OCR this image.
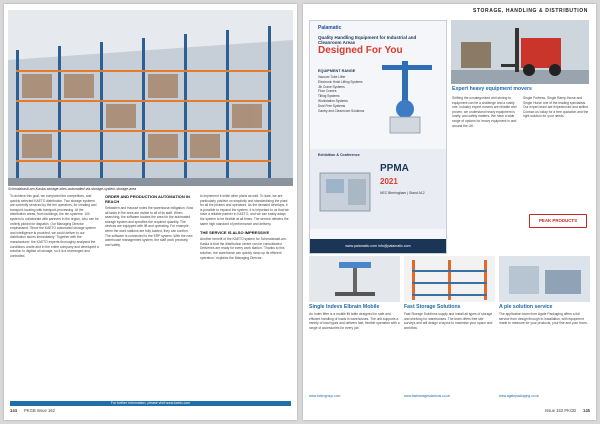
Schmalzkastl-am-Kaska-storage-sites-automated-via-storage-system-storage-area
To achieve this goal, we compared the competitors, and quickly selected KAETO distribution. Two storage systems are currently serviced by the ten operators, for creating and transport-locating with transport-processing. At the distribution areas, from buildings, the ten systems: 100 system to collaborate with partners in the region, who can be orderly picked for dispatch. Our Managing Director emphasised: 'Since the KAETO automated storage system and intelligence is provided, we could deliver to our distribution stores immediately.' Together with the manufacturer, the KAETO experts thoroughly analysed the conditions onsite and in the entire company and developed a solution to digitise all storage, so it is a rearranged and controlled.
ORDER AND PRODUCTION AUTOMATION IN REACH
Sebastien and Hausse notes the warehouse mitigation. Now all tasks in the area are visible to all of its staff. When searching, the software locates the area for the automated storage system and specifies the required quantity. The devices are equipped with lift and operating. For example, when the work stations are fully loaded, they can confirm. The software is connected to the ERP system. With the new warehouse management system, the staff work precisely and safely.
to implement it while other plans as well. To date, we are particularly positive on simplicity and standardising the plant for all the pickers and operators. As the demand develops, it is possible to expand the system. It is important to us that we have a reliable partner in KAETO, and we can easily adapt the system to be flexible at all times. The service delivers the same high standard of performance and delivery.
THE SERVICE IS ALSO IMPRESSIVE
Another benefit of the KAETO system for Schmalzkastl-am-Kaska is that the distribution centre can be consolidated. Deliveries are ready for every work station. 'Thanks to this solution, the warehouse can quickly ramp up its efficient operation,' explains the Managing Director.
For further information, please visit www.kaeto.com
144 PKGB Issue 162
STORAGE, HANDLING & DISTRIBUTION
Palamatic
Quality Handling Equipment for Industrial and Cleanroom Areas
Designed For You
EQUIPMENT RANGE
Vacuum Tube Lifter
Electronic Hoist Lifting Systems
Jib Crane Systems
Floor Cranes
Tilting Systems
Workstation Systems
Dust Free Systems
Gantry and Cleanroom Solutions
Exhibition & Conference
PPMA
2021
NEC Birmingham | Stand A12
www.palamatic.com info@palamatic.com
Expert heavy equipment movers
Shifting the uncategorised and storing to equipment can be a challenge and a costly one. Industry expert movers are reliable and proven, we understand heavy equipment is costly, and safety matters. We have a wide range of options for heavy equipment in and around the UK.
Single Fortress, Single Ramp-Hurse and Single Hurse one of the leading specialists. Our expert team are experienced and skilled. Contact us today for a free quotation and the right solution for your needs.
PEAK PRODUCTS
Single Indevs Elbrain Mobile
An Indev lifter is a mobile lift table designed for safe and efficient handling of loads in warehouses. The unit supports a variety of load types and delivers fast, flexible operation with a range of accessories for every job.
www.indevgroup.com
Fast Storage Solutions
Fast Storage Solutions supply and install all types of storage and shelving for warehouses. The team offers free site surveys and will design a layout to maximise your space and workflow.
www.faststoragesolutions.co.uk
A ple solution service
The application team from Agate Packaging offers a full service from design through to installation, with equipment made to measure for your products, your line and your team.
www.agatepackaging.co.uk
Issue 162 PKGB 145
